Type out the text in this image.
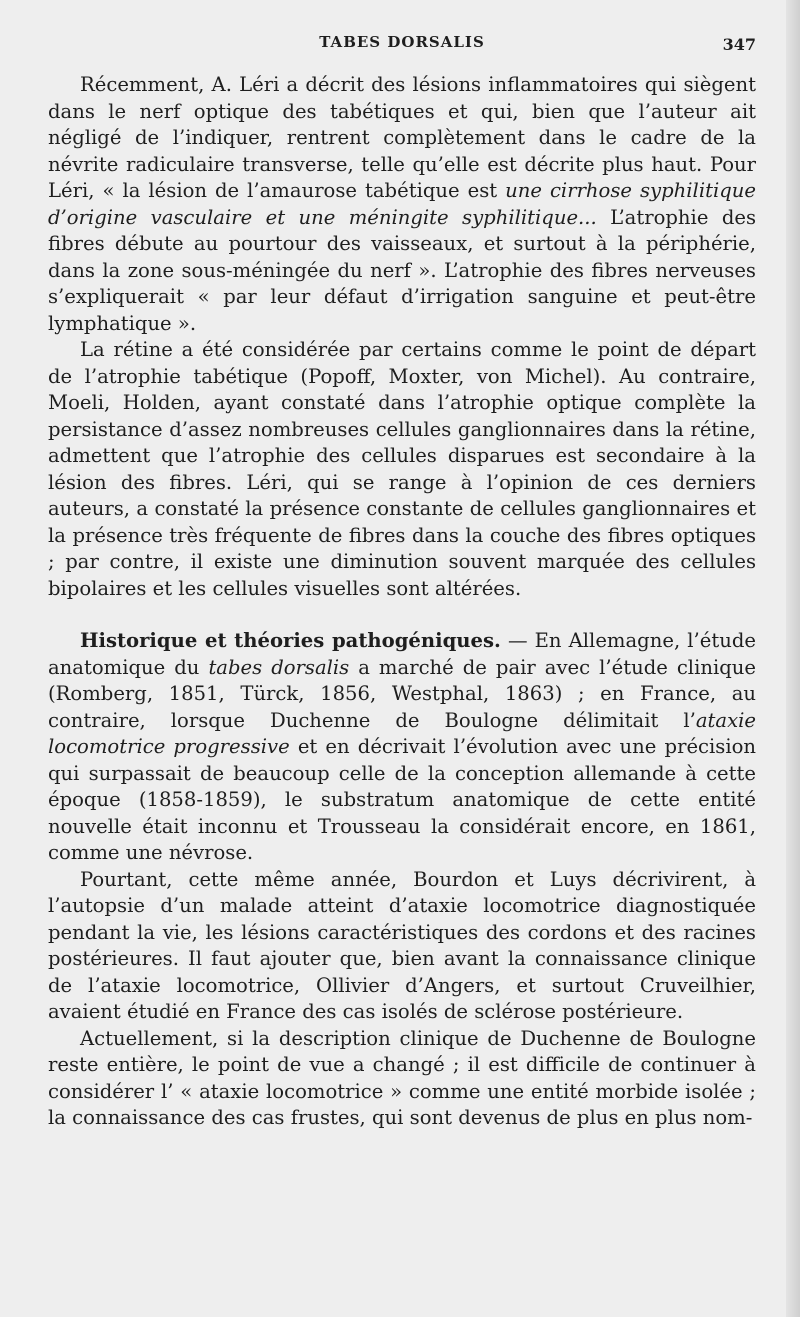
TABES DORSALIS	347

Récemment, A. Léri a décrit des lésions inflammatoires qui siègent dans le nerf optique des tabétiques et qui, bien que l’auteur ait négligé de l’indiquer, rentrent complètement dans le cadre de la névrite radiculaire transverse, telle qu’elle est décrite plus haut. Pour Léri, « la lésion de l’amaurose tabétique est une cirrhose syphilitique d’origine vasculaire et une méningite syphilitique... L’atrophie des fibres débute au pourtour des vaisseaux, et surtout à la périphérie, dans la zone sous-méningée du nerf ». L’atrophie des fibres nerveuses s’expliquerait « par leur défaut d’irrigation sanguine et peut-être lymphatique ».

La rétine a été considérée par certains comme le point de départ de l’atrophie tabétique (Popoff, Moxter, von Michel). Au contraire, Moeli, Holden, ayant constaté dans l’atrophie optique complète la persistance d’assez nombreuses cellules ganglionnaires dans la rétine, admettent que l’atrophie des cellules disparues est secondaire à la lésion des fibres. Léri, qui se range à l’opinion de ces derniers auteurs, a constaté la présence constante de cellules ganglionnaires et la présence très fréquente de fibres dans la couche des fibres optiques ; par contre, il existe une diminution souvent marquée des cellules bipolaires et les cellules visuelles sont altérées.

Historique et théories pathogéniques. — En Allemagne, l’étude anatomique du tabes dorsalis a marché de pair avec l’étude clinique (Romberg, 1851, Türck, 1856, Westphal, 1863) ; en France, au contraire, lorsque Duchenne de Boulogne délimitait l’ataxie locomotrice progressive et en décrivait l’évolution avec une précision qui surpassait de beaucoup celle de la conception allemande à cette époque (1858-1859), le substratum anatomique de cette entité nouvelle était inconnu et Trousseau la considérait encore, en 1861, comme une névrose.

Pourtant, cette même année, Bourdon et Luys décrivirent, à l’autopsie d’un malade atteint d’ataxie locomotrice diagnostiquée pendant la vie, les lésions caractéristiques des cordons et des racines postérieures. Il faut ajouter que, bien avant la connaissance clinique de l’ataxie locomotrice, Ollivier d’Angers, et surtout Cruveilhier, avaient étudié en France des cas isolés de sclérose postérieure.

Actuellement, si la description clinique de Duchenne de Boulogne reste entière, le point de vue a changé ; il est difficile de continuer à considérer l’ « ataxie locomotrice » comme une entité morbide isolée ; la connaissance des cas frustes, qui sont devenus de plus en plus nom-
